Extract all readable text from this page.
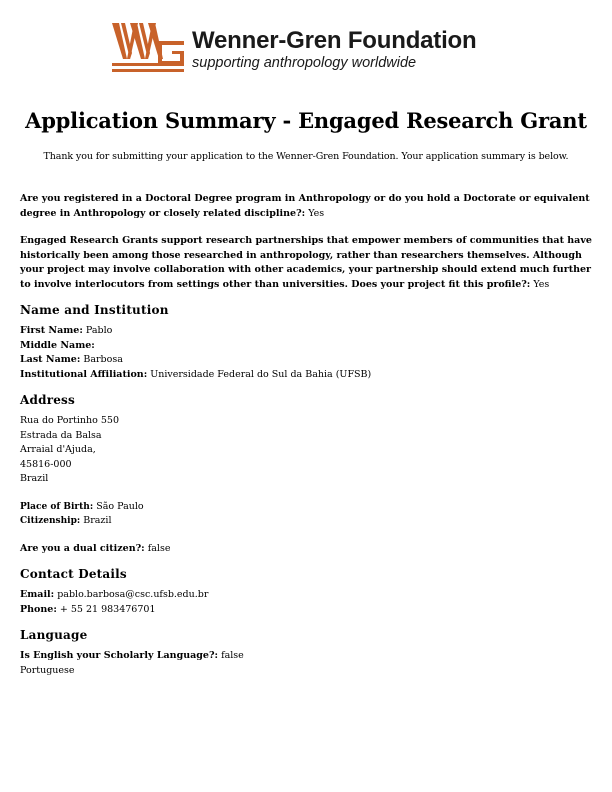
Wenner-Gren Foundation
supporting anthropology worldwide
Application Summary - Engaged Research Grant

Thank you for submitting your application to the Wenner-Gren Foundation. Your application summary is below.

Are you registered in a Doctoral Degree program in Anthropology or do you hold a Doctorate or equivalent degree in Anthropology or closely related discipline?: Yes

Engaged Research Grants support research partnerships that empower members of communities that have historically been among those researched in anthropology, rather than researchers themselves. Although your project may involve collaboration with other academics, your partnership should extend much further to involve interlocutors from settings other than universities. Does your project fit this profile?: Yes

Name and Institution

First Name: Pablo

Middle Name:

Last Name: Barbosa

Institutional Affiliation: Universidade Federal do Sul da Bahia (UFSB)

Address

Rua do Portinho 550

Estrada da Balsa

Arraial d'Ajuda,

45816-000

Brazil

Place of Birth: São Paulo

Citizenship: Brazil

Are you a dual citizen?: false

Contact Details

Email: pablo.barbosa@csc.ufsb.edu.br

Phone: + 55 21 983476701

Language

Is English your Scholarly Language?: false

Portuguese
